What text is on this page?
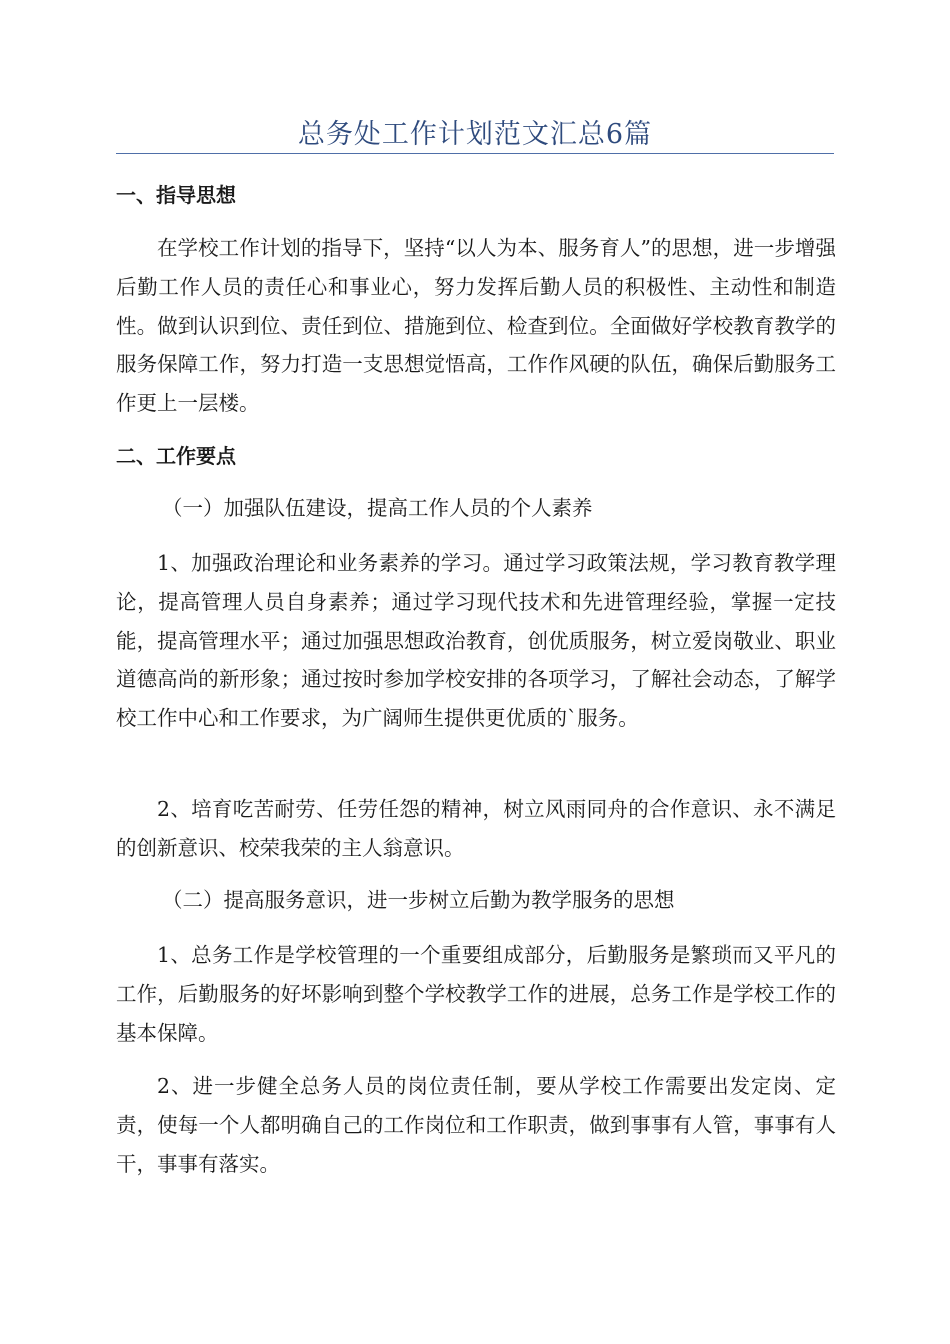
总务处工作计划范文汇总6篇
一、指导思想

在学校工作计划的指导下，坚持“以人为本、服务育人”的思想，进一步增强后勤工作人员的责任心和事业心，努力发挥后勤人员的积极性、主动性和制造性。做到认识到位、责任到位、措施到位、检查到位。全面做好学校教育教学的服务保障工作，努力打造一支思想觉悟高，工作作风硬的队伍，确保后勤服务工作更上一层楼。

二、工作要点

（一）加强队伍建设，提高工作人员的个人素养

1、加强政治理论和业务素养的学习。通过学习政策法规，学习教育教学理论，提高管理人员自身素养；通过学习现代技术和先进管理经验，掌握一定技能，提高管理水平；通过加强思想政治教育，创优质服务，树立爱岗敬业、职业道德高尚的新形象；通过按时参加学校安排的各项学习，了解社会动态，了解学校工作中心和工作要求，为广阔师生提供更优质的`服务。

2、培育吃苦耐劳、任劳任怨的精神，树立风雨同舟的合作意识、永不满足的创新意识、校荣我荣的主人翁意识。

（二）提高服务意识，进一步树立后勤为教学服务的思想

1、总务工作是学校管理的一个重要组成部分，后勤服务是繁琐而又平凡的工作，后勤服务的好坏影响到整个学校教学工作的进展，总务工作是学校工作的基本保障。

2、进一步健全总务人员的岗位责任制，要从学校工作需要出发定岗、定责，使每一个人都明确自己的工作岗位和工作职责，做到事事有人管，事事有人干，事事有落实。
